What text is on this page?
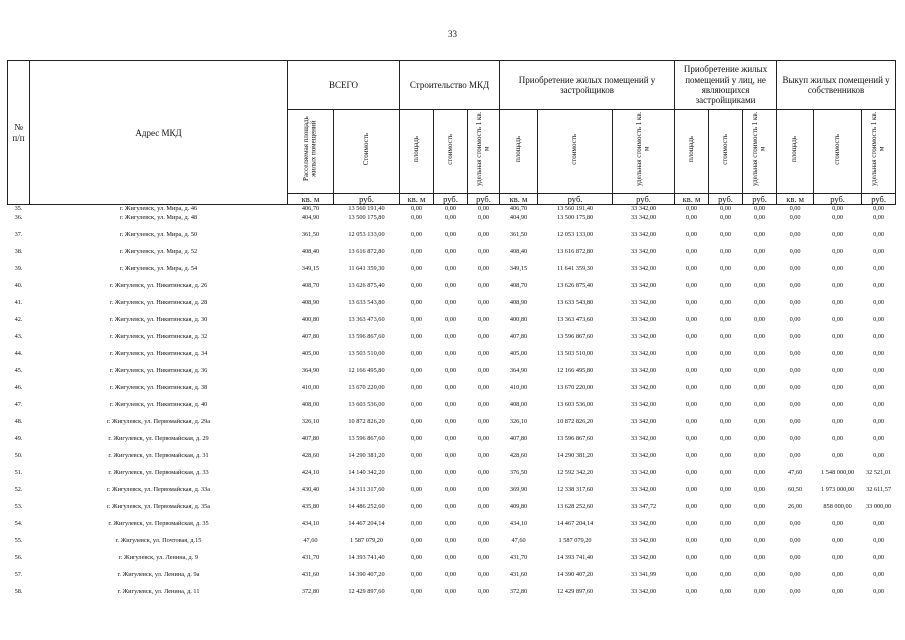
33
№
п/п	Адрес МКД	ВСЕГО		Строительство МКД			Приобретение жилых помещений у застройщиков			Приобретение жилых помещений у лиц, не являющихся застройщиками			Выкуп жилых помещений у собственников		
		Расселяемая площадь жилых помещений	Стоимость	площадь	стоимость	удельная стоимость 1 кв. м	площадь	стоимость	удельная стоимость 1 кв. м	площадь	стоимость	удельная стоимость 1 кв. м	площадь	стоимость	удельная стоимость 1 кв. м
		кв. м	руб.	кв. м	руб.	руб.	кв. м	руб.	руб.	кв. м	руб.	руб.	кв. м	руб.	руб.
35.	г. Жигулевск, ул. Мира, д. 46	406,70	13 560 191,40	0,00	0,00	0,00	406,70	13 560 191,40	33 342,00	0,00	0,00	0,00	0,00	0,00	0,00
36.	г. Жигулевск, ул. Мира, д. 48	404,90	13 500 175,80	0,00	0,00	0,00	404,90	13 500 175,80	33 342,00	0,00	0,00	0,00	0,00	0,00	0,00
37.	г. Жигулевск, ул. Мира, д. 50	361,50	12 053 133,00	0,00	0,00	0,00	361,50	12 053 133,00	33 342,00	0,00	0,00	0,00	0,00	0,00	0,00
38.	г. Жигулевск, ул. Мира, д. 52	408,40	13 616 872,80	0,00	0,00	0,00	408,40	13 616 872,80	33 342,00	0,00	0,00	0,00	0,00	0,00	0,00
39.	г. Жигулевск, ул. Мира, д. 54	349,15	11 641 359,30	0,00	0,00	0,00	349,15	11 641 359,30	33 342,00	0,00	0,00	0,00	0,00	0,00	0,00
40.	г. Жигулевск, ул. Никитинская, д. 26	408,70	13 626 875,40	0,00	0,00	0,00	408,70	13 626 875,40	33 342,00	0,00	0,00	0,00	0,00	0,00	0,00
41.	г. Жигулевск, ул. Никитинская, д. 28	408,90	13 633 543,80	0,00	0,00	0,00	408,90	13 633 543,80	33 342,00	0,00	0,00	0,00	0,00	0,00	0,00
42.	г. Жигулевск, ул. Никитинская, д. 30	400,80	13 363 473,60	0,00	0,00	0,00	400,80	13 363 473,60	33 342,00	0,00	0,00	0,00	0,00	0,00	0,00
43.	г. Жигулевск, ул. Никитинская, д. 32	407,80	13 596 867,60	0,00	0,00	0,00	407,80	13 596 867,60	33 342,00	0,00	0,00	0,00	0,00	0,00	0,00
44.	г. Жигулевск, ул. Никитинская, д. 34	405,00	13 503 510,00	0,00	0,00	0,00	405,00	13 503 510,00	33 342,00	0,00	0,00	0,00	0,00	0,00	0,00
45.	г. Жигулевск, ул. Никитинская, д. 36	364,90	12 166 495,80	0,00	0,00	0,00	364,90	12 166 495,80	33 342,00	0,00	0,00	0,00	0,00	0,00	0,00
46.	г. Жигулевск, ул. Никитинская, д. 38	410,00	13 670 220,00	0,00	0,00	0,00	410,00	13 670 220,00	33 342,00	0,00	0,00	0,00	0,00	0,00	0,00
47.	г. Жигулевск, ул. Никитинская, д. 40	408,00	13 603 536,00	0,00	0,00	0,00	408,00	13 603 536,00	33 342,00	0,00	0,00	0,00	0,00	0,00	0,00
48.	г. Жигулевск, ул. Первомайская, д. 29а	326,10	10 872 826,20	0,00	0,00	0,00	326,10	10 872 826,20	33 342,00	0,00	0,00	0,00	0,00	0,00	0,00
49.	г. Жигулевск, ул. Первомайская, д. 29	407,80	13 596 867,60	0,00	0,00	0,00	407,80	13 596 867,60	33 342,00	0,00	0,00	0,00	0,00	0,00	0,00
50.	г. Жигулевск, ул. Первомайская, д. 31	428,60	14 290 381,20	0,00	0,00	0,00	428,60	14 290 381,20	33 342,00	0,00	0,00	0,00	0,00	0,00	0,00
51.	г. Жигулевск, ул. Первомайская, д. 33	424,10	14 140 342,20	0,00	0,00	0,00	376,50	12 592 342,20	33 342,00	0,00	0,00	0,00	47,60	1 548 000,00	32 521,01
52.	г. Жигулевск, ул. Первомайская, д. 33а	430,40	14 311 317,60	0,00	0,00	0,00	369,90	12 338 317,60	33 342,00	0,00	0,00	0,00	60,50	1 973 000,00	32 611,57
53.	г. Жигулевск, ул. Первомайская, д. 35а	435,80	14 486 252,60	0,00	0,00	0,00	409,80	13 628 252,60	33 347,72	0,00	0,00	0,00	26,00	858 000,00	33 000,00
54.	г. Жигулевск, ул. Первомайская, д. 35	434,10	14 467 204,14	0,00	0,00	0,00	434,10	14 467 204,14	33 342,00	0,00	0,00	0,00	0,00	0,00	0,00
55.	г. Жигулевск, ул. Почтовая, д.15	47,60	1 587 079,20	0,00	0,00	0,00	47,60	1 587 079,20	33 342,00	0,00	0,00	0,00	0,00	0,00	0,00
56.	г. Жигулевск, ул. Ленина, д. 9	431,70	14 393 741,40	0,00	0,00	0,00	431,70	14 393 741,40	33 342,00	0,00	0,00	0,00	0,00	0,00	0,00
57.	г. Жигулевск, ул. Ленина, д. 9а	431,60	14 390 407,20	0,00	0,00	0,00	431,60	14 390 407,20	33 341,99	0,00	0,00	0,00	0,00	0,00	0,00
58.	г. Жигулевск, ул. Ленина, д. 11	372,80	12 429 897,60	0,00	0,00	0,00	372,80	12 429 897,60	33 342,00	0,00	0,00	0,00	0,00	0,00	0,00
